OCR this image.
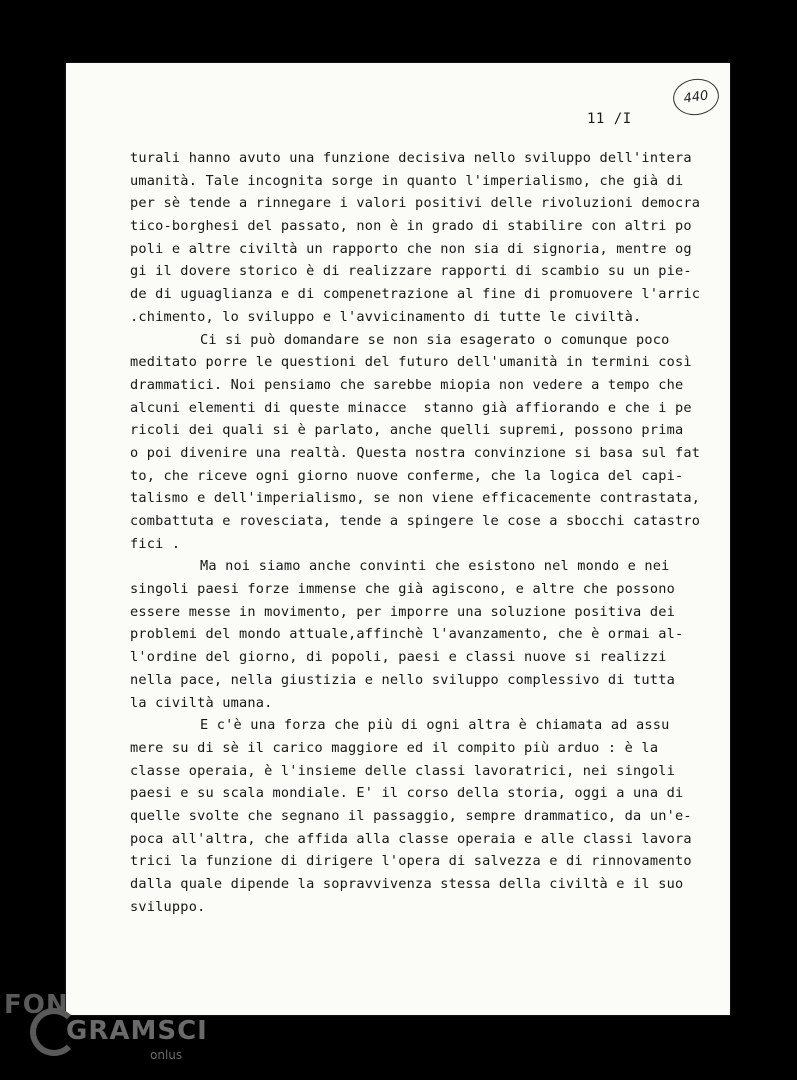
440
11 /I
turali hanno avuto una funzione decisiva nello sviluppo dell'intera
umanità. Tale incognita sorge in quanto l'imperialismo, che già di
per sè tende a rinnegare i valori positivi delle rivoluzioni democra
tico-borghesi del passato, non è in grado di stabilire con altri po
poli e altre civiltà un rapporto che non sia di signoria, mentre og
gi il dovere storico è di realizzare rapporti di scambio su un pie-
de di uguaglianza e di compenetrazione al fine di promuovere l'arric
.chimento, lo sviluppo e l'avvicinamento di tutte le civiltà.
Ci si può domandare se non sia esagerato o comunque poco
meditato porre le questioni del futuro dell'umanità in termini così
drammatici. Noi pensiamo che sarebbe miopia non vedere a tempo che
alcuni elementi di queste minacce  stanno già affiorando e che i pe
ricoli dei quali si è parlato, anche quelli supremi, possono prima
o poi divenire una realtà. Questa nostra convinzione si basa sul fat
to, che riceve ogni giorno nuove conferme, che la logica del capi-
talismo e dell'imperialismo, se non viene efficacemente contrastata,
combattuta e rovesciata, tende a spingere le cose a sbocchi catastro
fici .
Ma noi siamo anche convinti che esistono nel mondo e nei
singoli paesi forze immense che già agiscono, e altre che possono
essere messe in movimento, per imporre una soluzione positiva dei
problemi del mondo attuale,affinchè l'avanzamento, che è ormai al-
l'ordine del giorno, di popoli, paesi e classi nuove si realizzi
nella pace, nella giustizia e nello sviluppo complessivo di tutta
la civiltà umana.
E c'è una forza che più di ogni altra è chiamata ad assu
mere su di sè il carico maggiore ed il compito più arduo : è la
classe operaia, è l'insieme delle classi lavoratrici, nei singoli
paesi e su scala mondiale. E' il corso della storia, oggi a una di
quelle svolte che segnano il passaggio, sempre drammatico, da un'e-
poca all'altra, che affida alla classe operaia e alle classi lavora
trici la funzione di dirigere l'opera di salvezza e di rinnovamento
dalla quale dipende la sopravvivenza stessa della civiltà e il suo
sviluppo.
FON
GRAMSCI
onlus
